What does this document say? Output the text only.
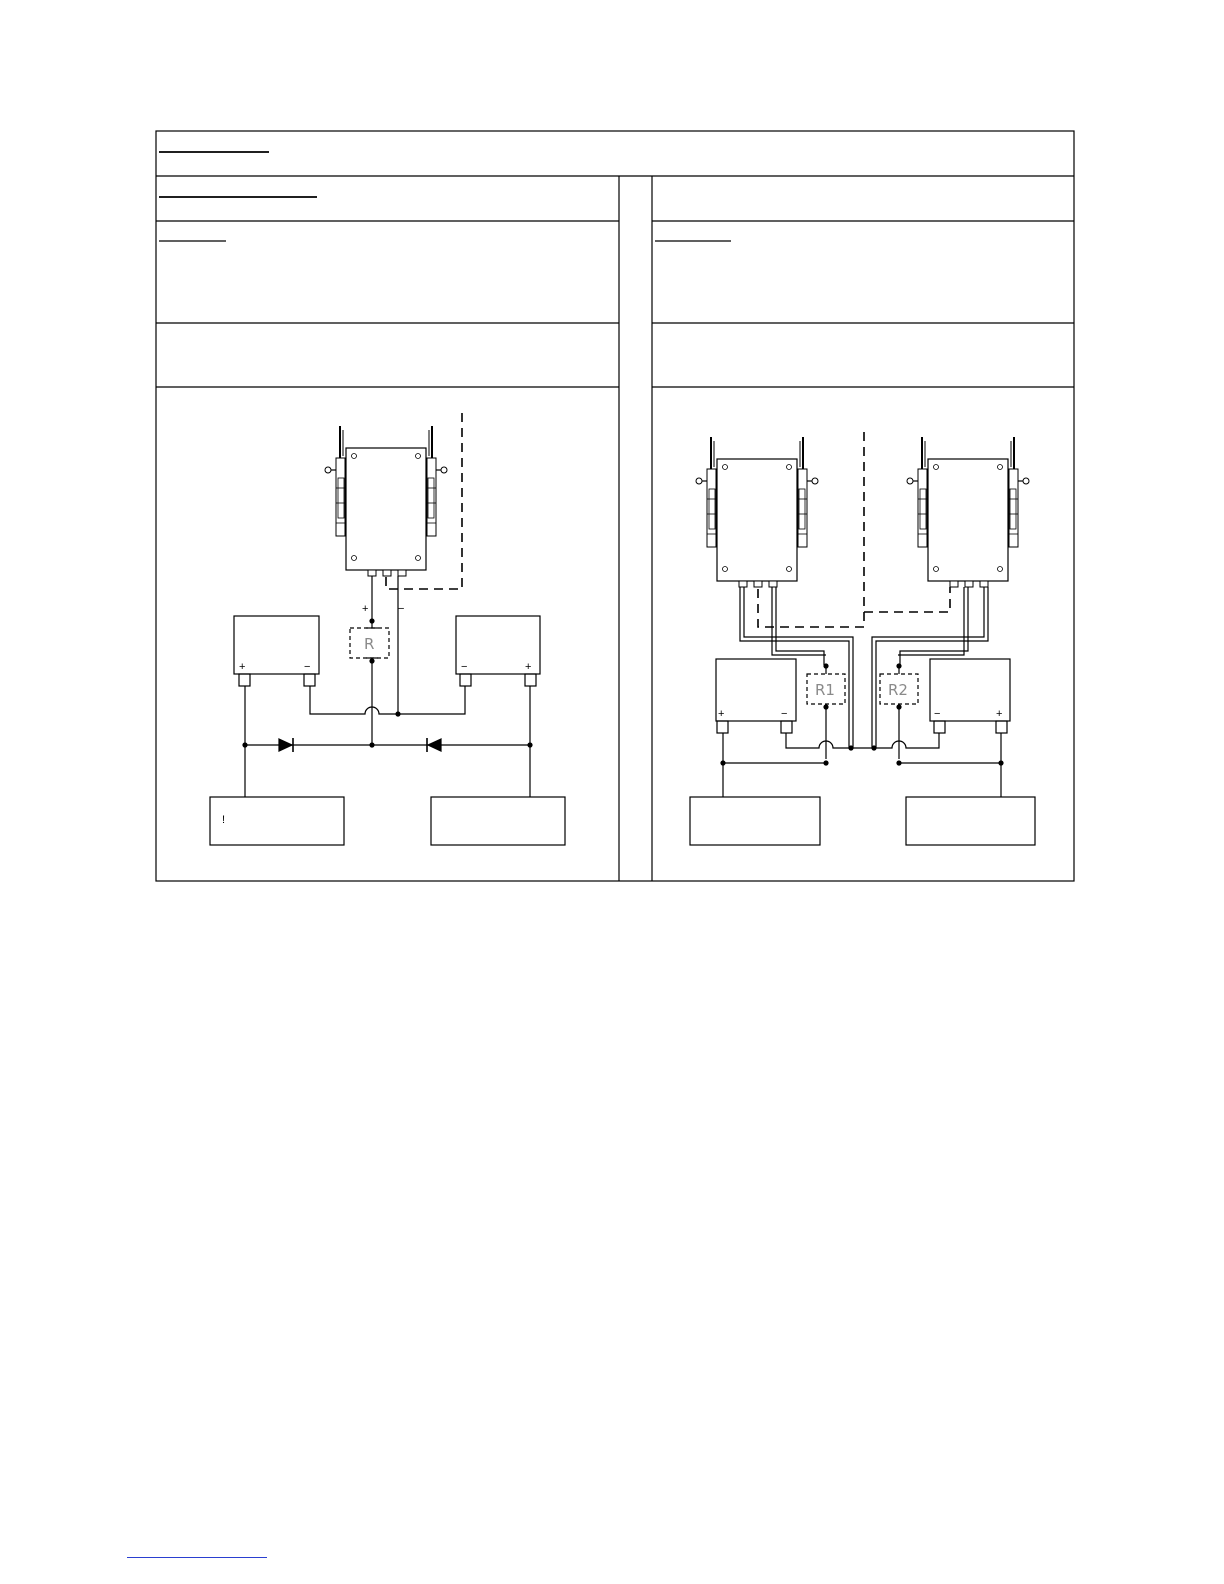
R
+	−
+	−	−	+
!
R1	R2
+	−	−	+
